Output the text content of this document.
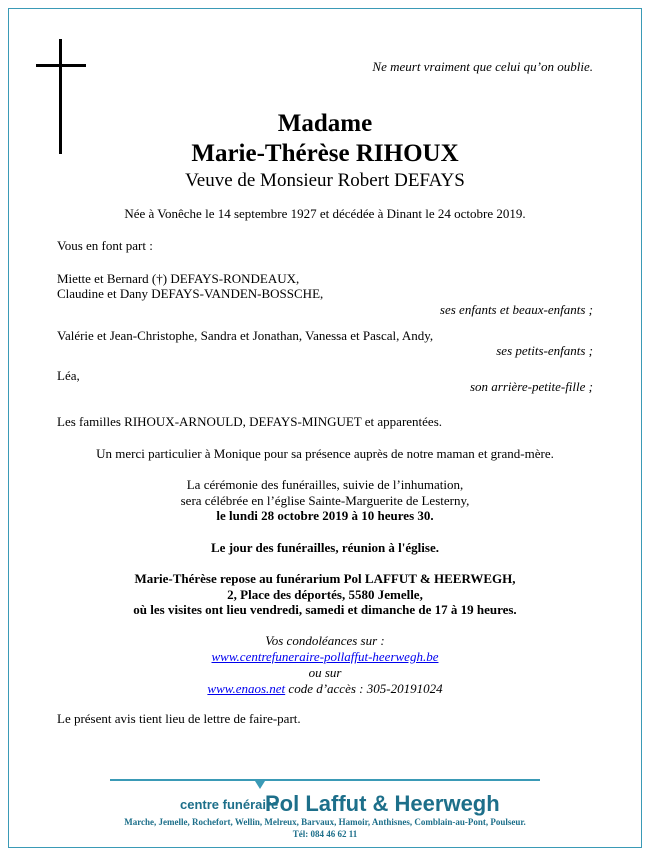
Ne meurt vraiment que celui qu’on oublie.
Madame
Marie-Thérèse RIHOUX
Veuve de Monsieur Robert DEFAYS
Née à Vonêche le 14 septembre 1927 et décédée à Dinant le 24 octobre 2019.
Vous en font part :
Miette et Bernard (†) DEFAYS-RONDEAUX,
Claudine et Dany DEFAYS-VANDEN-BOSSCHE,
ses enfants et beaux-enfants ;
Valérie et Jean-Christophe, Sandra et Jonathan, Vanessa et Pascal, Andy,
ses petits-enfants ;
Léa,
son arrière-petite-fille ;
Les familles RIHOUX-ARNOULD, DEFAYS-MINGUET et apparentées.
Un merci particulier à Monique pour sa présence auprès de notre maman et grand-mère.
La cérémonie des funérailles, suivie de l’inhumation,
sera célébrée en l’église Sainte-Marguerite de Lesterny,
le lundi 28 octobre 2019 à 10 heures 30.
Le jour des funérailles, réunion à l'église.
Marie-Thérèse repose au funérarium Pol LAFFUT & HEERWEGH,
2, Place des déportés, 5580 Jemelle,
où les visites ont lieu vendredi, samedi et dimanche de 17 à 19 heures.
Vos condoléances sur :
www.centrefuneraire-pollaffut-heerwegh.be
ou sur
www.enaos.net code d’accès : 305-20191024
Le présent avis tient lieu de lettre de faire-part.
centre funéraire
Pol Laffut & Heerwegh
Marche, Jemelle, Rochefort, Wellin, Melreux, Barvaux, Hamoir, Anthisnes, Comblain-au-Pont, Poulseur.
Tél: 084 46 62 11
